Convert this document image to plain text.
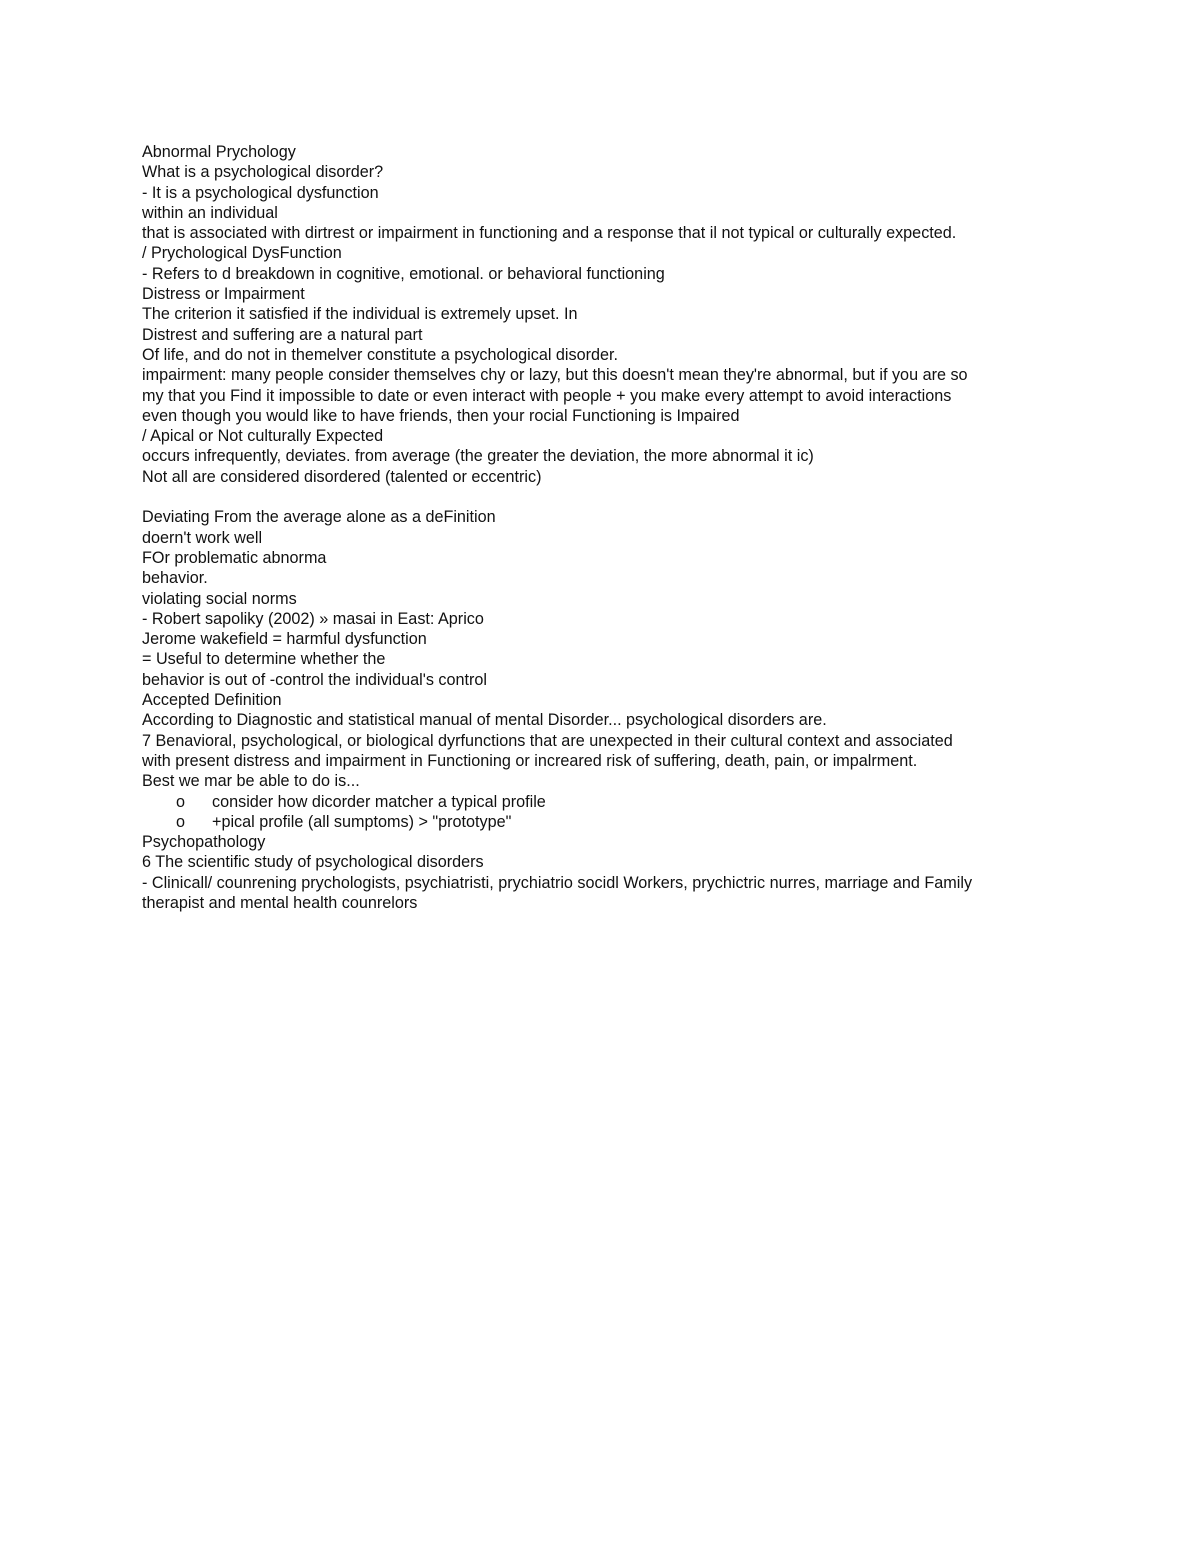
Abnormal Prychology
What is a psychological disorder?
- It is a psychological dysfunction
within an individual
that is associated with dirtrest or impairment in functioning and a response that il not typical or culturally expected.
/ Prychological DysFunction
- Refers to d breakdown in cognitive, emotional. or behavioral functioning
Distress or Impairment
The criterion it satisfied if the individual is extremely upset. In
Distrest and suffering are a natural part
Of life, and do not in themelver constitute a psychological disorder.
impairment: many people consider themselves chy or lazy, but this doesn't mean they're abnormal, but if you are so
my that you Find it impossible to date or even interact with people + you make every attempt to avoid interactions
even though you would like to have friends, then your rocial Functioning is Impaired
/ Apical or Not culturally Expected
occurs infrequently, deviates. from average (the greater the deviation, the more abnormal it ic)
Not all are considered disordered (talented or eccentric)
Deviating From the average alone as a deFinition
doern't work well
FOr problematic abnorma
behavior.
violating social norms
- Robert sapoliky (2002) » masai in East: Aprico
Jerome wakefield = harmful dysfunction
= Useful to determine whether the
behavior is out of -control the individual's control
Accepted Definition
According to Diagnostic and statistical manual of mental Disorder... psychological disorders are.
7 Benavioral, psychological, or biological dyrfunctions that are unexpected in their cultural context and associated
with present distress and impairment in Functioning or increared risk of suffering, death, pain, or impalrment.
Best we mar be able to do is...
o	consider how dicorder matcher a typical profile
o	+pical profile (all sumptoms) > "prototype"
Psychopathology
6 The scientific study of psychological disorders
- Clinicall/ counrening prychologists, psychiatristi, prychiatrio socidl Workers, prychictric nurres, marriage and Family
therapist and mental health counrelors
